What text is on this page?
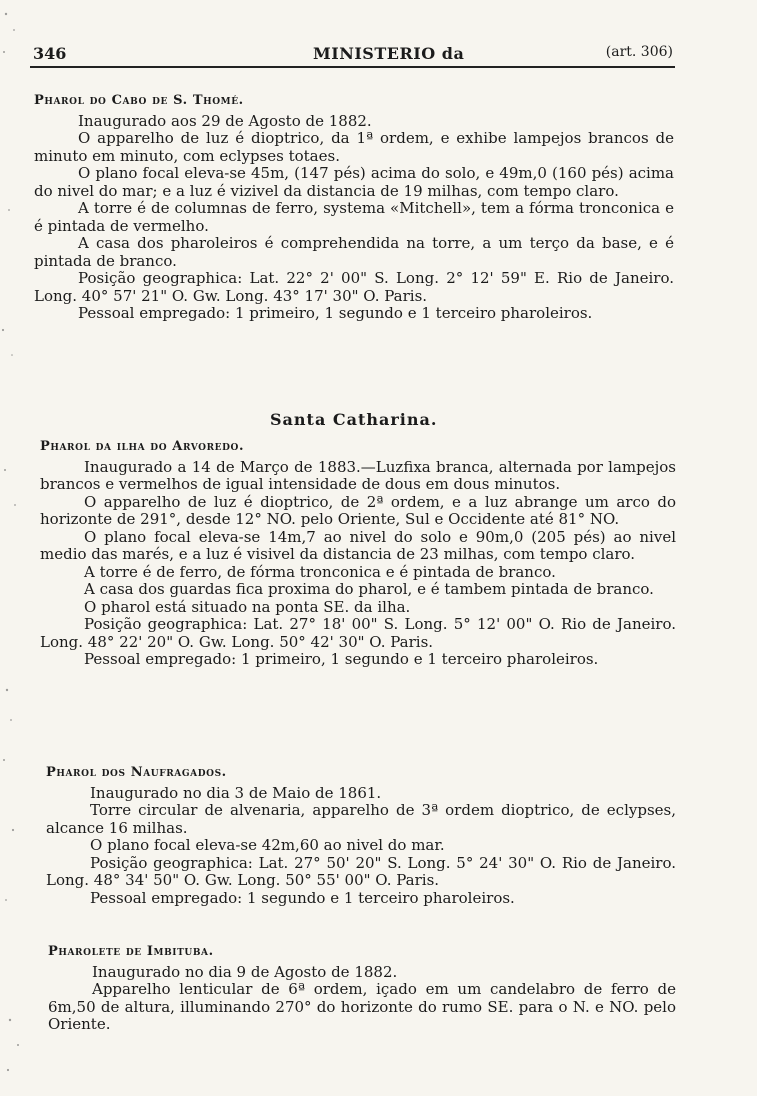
346	MINISTERIO da	(art. 306)
Pharol do Cabo de S. Thomé.

Inaugurado aos 29 de Agosto de 1882.

O apparelho de luz é dioptrico, da 1ª ordem, e exhibe lampejos brancos de minuto em minuto, com eclypses totaes.

O plano focal eleva-se 45m, (147 pés) acima do solo, e 49m,0 (160 pés) acima do nivel do mar; e a luz é vizivel da distancia de 19 milhas, com tempo claro.

A torre é de columnas de ferro, systema «Mitchell», tem a fórma tronconica e é pintada de vermelho.

A casa dos pharoleiros é comprehendida na torre, a um terço da base, e é pintada de branco.

Posição geographica: Lat. 22° 2' 00" S. Long. 2° 12' 59" E. Rio de Janeiro. Long. 40° 57' 21" O. Gw. Long. 43° 17' 30" O. Paris.

Pessoal empregado: 1 primeiro, 1 segundo e 1 terceiro pharoleiros.

Santa Catharina.
Pharol da ilha do Arvoredo.

Inaugurado a 14 de Março de 1883.—Luzfixa branca, alternada por lampejos brancos e vermelhos de igual intensidade de dous em dous minutos.

O apparelho de luz é dioptrico, de 2ª ordem, e a luz abrange um arco do horizonte de 291°, desde 12° NO. pelo Oriente, Sul e Occidente até 81° NO.

O plano focal eleva-se 14m,7 ao nivel do solo e 90m,0 (205 pés) ao nivel medio das marés, e a luz é visivel da distancia de 23 milhas, com tempo claro.

A torre é de ferro, de fórma tronconica e é pintada de branco.

A casa dos guardas fica proxima do pharol, e é tambem pintada de branco.

O pharol está situado na ponta SE. da ilha.

Posição geographica: Lat. 27° 18' 00" S. Long. 5° 12' 00" O. Rio de Janeiro. Long. 48° 22' 20" O. Gw. Long. 50° 42' 30" O. Paris.

Pessoal empregado: 1 primeiro, 1 segundo e 1 terceiro pharoleiros.

Pharol dos Naufragados.

Inaugurado no dia 3 de Maio de 1861.

Torre circular de alvenaria, apparelho de 3ª ordem dioptrico, de eclypses, alcance 16 milhas.

O plano focal eleva-se 42m,60 ao nivel do mar.

Posição geographica: Lat. 27° 50' 20" S. Long. 5° 24' 30" O. Rio de Janeiro. Long. 48° 34' 50" O. Gw. Long. 50° 55' 00" O. Paris.

Pessoal empregado: 1 segundo e 1 terceiro pharoleiros.

Pharolete de Imbituba.

Inaugurado no dia 9 de Agosto de 1882.

Apparelho lenticular de 6ª ordem, içado em um candelabro de ferro de 6m,50 de altura, illuminando 270° do horizonte do rumo SE. para o N. e NO. pelo Oriente.
